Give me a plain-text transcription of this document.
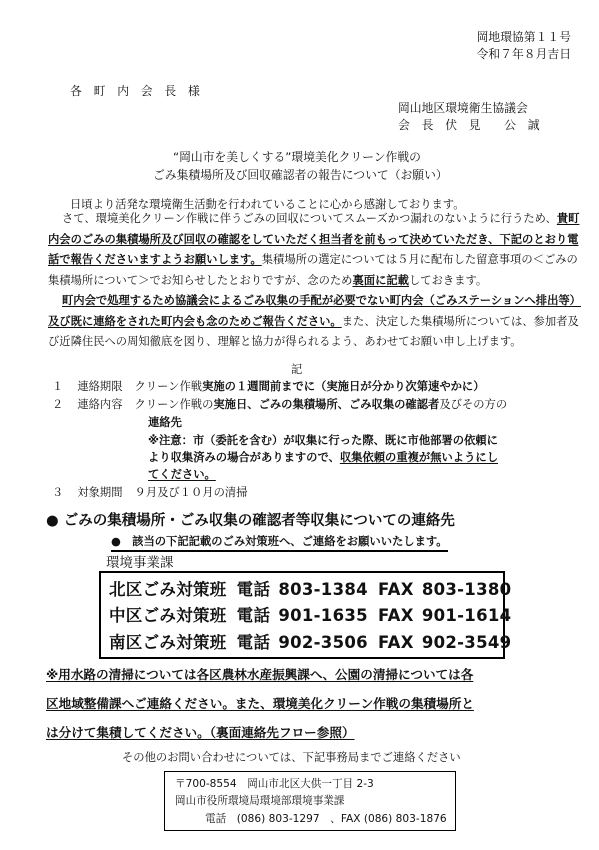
岡地環協第１１号
令和７年８月吉日
各　町　内　会　長　様
岡山地区環境衛生協議会
会　長　伏　見　　公　誠
“岡山市を美しくする”環境美化クリーン作戦の
ごみ集積場所及び回収確認者の報告について（お願い）
日頃より活発な環境衛生活動を行われていることに心から感謝しております。
さて、環境美化クリーン作戦に伴うごみの回収についてスムーズかつ漏れのないように行うため、貴町内会のごみの集積場所及び回収の確認をしていただく担当者を前もって決めていただき、下記のとおり電話で報告くださいますようお願いします。集積場所の選定については５月に配布した留意事項の＜ごみの集積場所について＞でお知らせしたとおりですが、念のため裏面に記載しておきます。
町内会で処理するため協議会によるごみ収集の手配が必要でない町内会（ごみステーションへ排出等）及び既に連絡をされた町内会も念のためご報告ください。また、決定した集積場所については、参加者及び近隣住民への周知徹底を図り、理解と協力が得られるよう、あわせてお願い申し上げます。
記
１ 連絡期限 クリーン作戦実施の１週間前までに（実施日が分かり次第速やかに）
２ 連絡内容 クリーン作戦の実施日、ごみの集積場所、ごみ収集の確認者及びその方の
連絡先
※注意：市（委託を含む）が収集に行った際、既に市他部署の依頼に
より収集済みの場合がありますので、収集依頼の重複が無いようにし
てください。
３ 対象期間 ９月及び１０月の清掃
● ごみの集積場所・ごみ収集の確認者等収集についての連絡先
●　該当の下記記載のごみ対策班へ、ご連絡をお願いいたします。
環境事業課
北区ごみ対策班 電話 803-1384 FAX 803-1380
中区ごみ対策班 電話 901-1635 FAX 901-1614
南区ごみ対策班 電話 902-3506 FAX 902-3549
※用水路の清掃については各区農林水産振興課へ、公園の清掃については各
区地域整備課へご連絡ください。また、環境美化クリーン作戦の集積場所と
は分けて集積してください。（裏面連絡先フロー参照）
その他のお問い合わせについては、下記事務局までご連絡ください
〒700-8554　岡山市北区大供一丁目 2-3
岡山市役所環境局環境部環境事業課
電話　(086) 803-1297　、FAX (086) 803-1876
